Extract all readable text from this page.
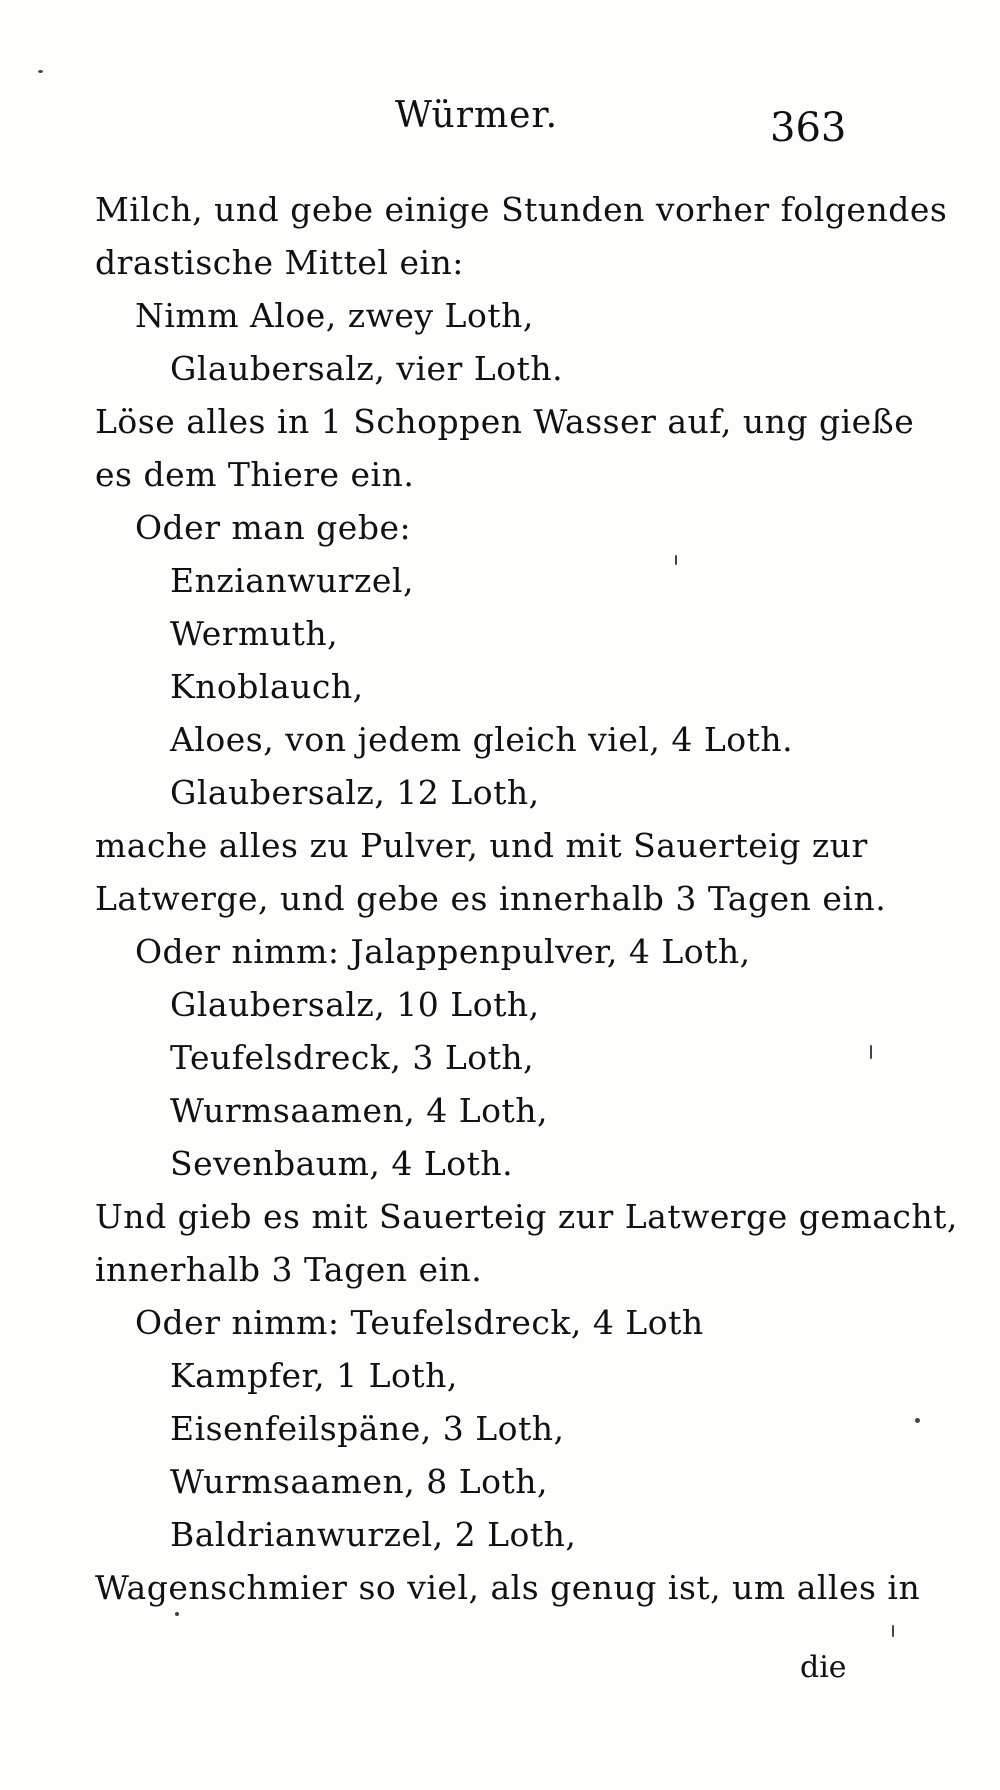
Würmer.	363
Milch, und gebe einige Stunden vorher folgendes
drastische Mittel ein:
Nimm Aloe, zwey Loth,
Glaubersalz, vier Loth.
Löse alles in 1 Schoppen Wasser auf, ung gieße
es dem Thiere ein.
Oder man gebe:
Enzianwurzel,
Wermuth,
Knoblauch,
Aloes, von jedem gleich viel, 4 Loth.
Glaubersalz, 12 Loth,
mache alles zu Pulver, und mit Sauerteig zur
Latwerge, und gebe es innerhalb 3 Tagen ein.
Oder nimm: Jalappenpulver, 4 Loth,
Glaubersalz, 10 Loth,
Teufelsdreck, 3 Loth,
Wurmsaamen, 4 Loth,
Sevenbaum, 4 Loth.
Und gieb es mit Sauerteig zur Latwerge gemacht,
innerhalb 3 Tagen ein.
Oder nimm: Teufelsdreck, 4 Loth
Kampfer, 1 Loth,
Eisenfeilspäne, 3 Loth,
Wurmsaamen, 8 Loth,
Baldrianwurzel, 2 Loth,
Wagenschmier so viel, als genug ist, um alles in
die
